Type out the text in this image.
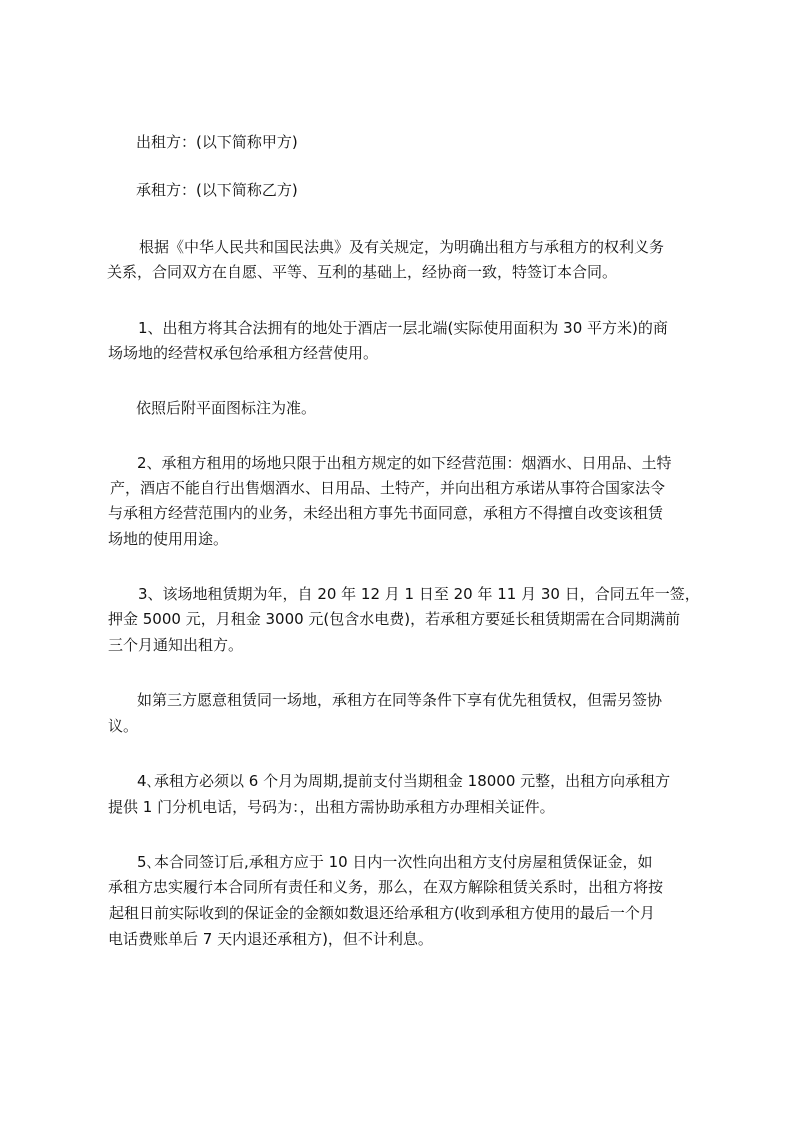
出租方：(以下简称甲方)
承租方：(以下简称乙方)
根据《中华人民共和国民法典》及有关规定，为明确出租方与承租方的权利义务
关系，合同双方在自愿、平等、互利的基础上，经协商一致，特签订本合同。
1、出租方将其合法拥有的地处于酒店一层北端(实际使用面积为 30 平方米)的商
场场地的经营权承包给承租方经营使用。
依照后附平面图标注为准。
2、承租方租用的场地只限于出租方规定的如下经营范围：烟酒水、日用品、土特
产，酒店不能自行出售烟酒水、日用品、土特产，并向出租方承诺从事符合国家法令
与承租方经营范围内的业务，未经出租方事先书面同意，承租方不得擅自改变该租赁
场地的使用用途。
3、该场地租赁期为年，自 20 年 12 月 1 日至 20 年 11 月 30 日，合同五年一签，
押金 5000 元，月租金 3000 元(包含水电费)，若承租方要延长租赁期需在合同期满前
三个月通知出租方。
如第三方愿意租赁同一场地，承租方在同等条件下享有优先租赁权，但需另签协
议。
4､承租方必须以 6 个月为周期,提前支付当期租金 18000 元整，出租方向承租方
提供 1 门分机电话，号码为：，出租方需协助承租方办理相关证件。
5､本合同签订后,承租方应于 10 日内一次性向出租方支付房屋租赁保证金，如
承租方忠实履行本合同所有责任和义务，那么，在双方解除租赁关系时，出租方将按
起租日前实际收到的保证金的金额如数退还给承租方(收到承租方使用的最后一个月
电话费账单后 7 天内退还承租方)，但不计利息。
